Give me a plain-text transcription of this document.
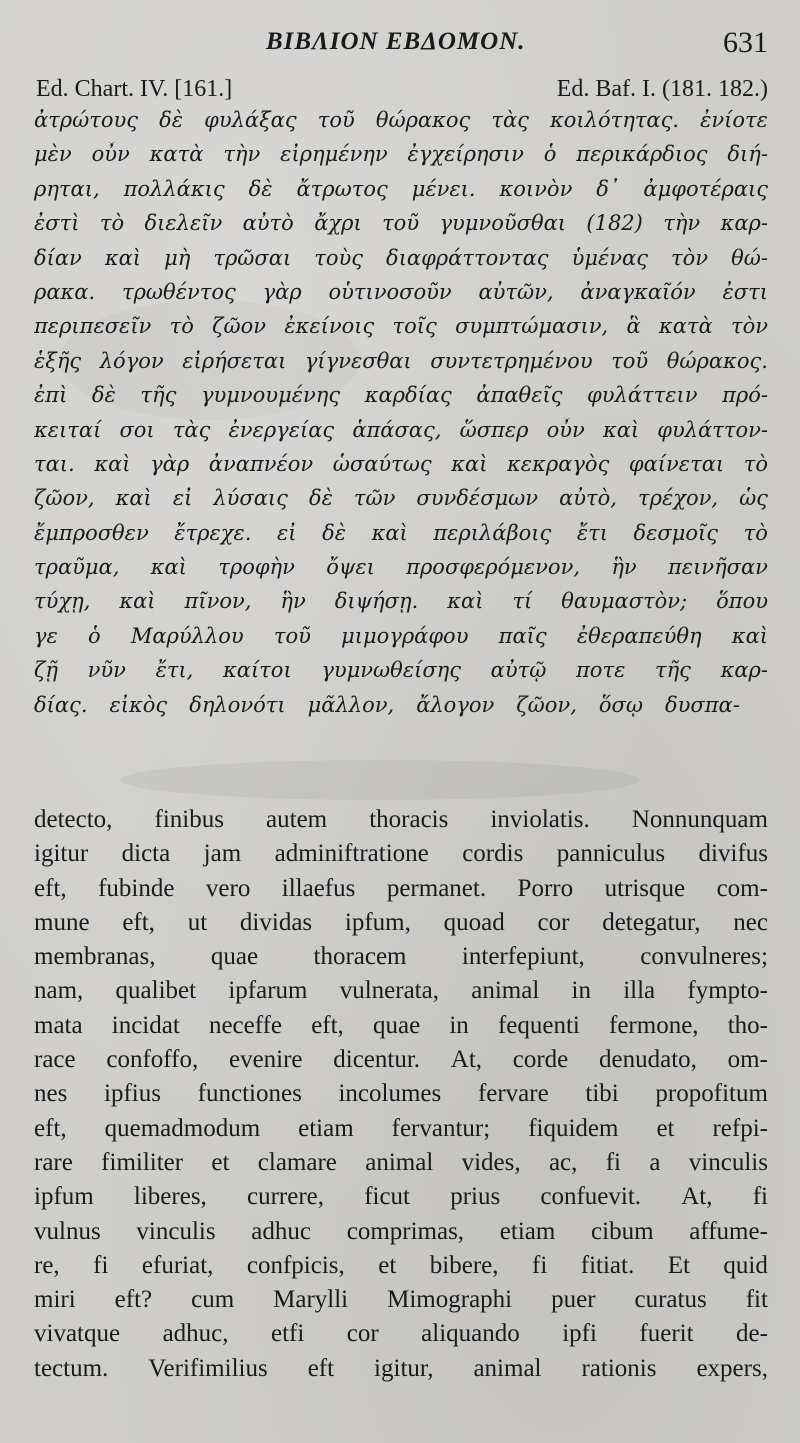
BIBΛION EBΔOMON.	631
Ed. Chart. IV. [161.]	Ed. Baf. I. (181. 182.)
ἀτρώτους δὲ φυλάξας τοῦ θώρακος τὰς κοιλότητας. ἐνίοτε
μὲν οὖν κατὰ τὴν εἰρημένην ἐγχείρησιν ὁ περικάρδιος διή-
ρηται, πολλάκις δὲ ἄτρωτος μένει. κοινὸν δ᾽ ἀμφοτέραις
ἐστὶ τὸ διελεῖν αὐτὸ ἄχρι τοῦ γυμνοῦσθαι (182) τὴν καρ-
δίαν καὶ μὴ τρῶσαι τοὺς διαφράττοντας ὑμένας τὸν θώ-
ρακα. τρωθέντος γὰρ οὑτινοσοῦν αὐτῶν, ἀναγκαῖόν ἐστι
περιπεσεῖν τὸ ζῶον ἐκείνοις τοῖς συμπτώμασιν, ἃ κατὰ τὸν
ἑξῆς λόγον εἰρήσεται γίγνεσθαι συντετρημένου τοῦ θώρακος.
ἐπὶ δὲ τῆς γυμνουμένης καρδίας ἀπαθεῖς φυλάττειν πρό-
κειταί σοι τὰς ἐνεργείας ἁπάσας, ὥσπερ οὖν καὶ φυλάττον-
ται. καὶ γὰρ ἀναπνέον ὡσαύτως καὶ κεκραγὸς φαίνεται τὸ
ζῶον, καὶ εἰ λύσαις δὲ τῶν συνδέσμων αὐτὸ, τρέχον, ὡς
ἔμπροσθεν ἔτρεχε. εἰ δὲ καὶ περιλάβοις ἔτι δεσμοῖς τὸ
τραῦμα, καὶ τροφὴν ὄψει προσφερόμενον, ἣν πεινῆσαν
τύχῃ, καὶ πῖνον, ἣν διψήσῃ. καὶ τί θαυμαστὸν; ὅπου
γε ὁ Μαρύλλου τοῦ μιμογράφου παῖς ἐθεραπεύθη καὶ
ζῇ νῦν ἔτι, καίτοι γυμνωθείσης αὐτῷ ποτε τῆς καρ-
δίας. εἰκὸς δηλονότι μᾶλλον, ἄλογον ζῶον, ὅσῳ δυσπα-
detecto, finibus autem thoracis inviolatis. Nonnunquam
igitur dicta jam adminiftratione cordis panniculus divifus
eft, fubinde vero illaefus permanet. Porro utrisque com-
mune eft, ut dividas ipfum, quoad cor detegatur, nec
membranas, quae thoracem interfepiunt, convulneres;
nam, qualibet ipfarum vulnerata, animal in illa fympto-
mata incidat neceffe eft, quae in fequenti fermone, tho-
race confoffo, evenire dicentur. At, corde denudato, om-
nes ipfius functiones incolumes fervare tibi propofitum
eft, quemadmodum etiam fervantur; fiquidem et refpi-
rare fimiliter et clamare animal vides, ac, fi a vinculis
ipfum liberes, currere, ficut prius confuevit. At, fi
vulnus vinculis adhuc comprimas, etiam cibum affume-
re, fi efuriat, confpicis, et bibere, fi fitiat. Et quid
miri eft? cum Marylli Mimographi puer curatus fit
vivatque adhuc, etfi cor aliquando ipfi fuerit de-
tectum. Verifimilius eft igitur, animal rationis expers,
